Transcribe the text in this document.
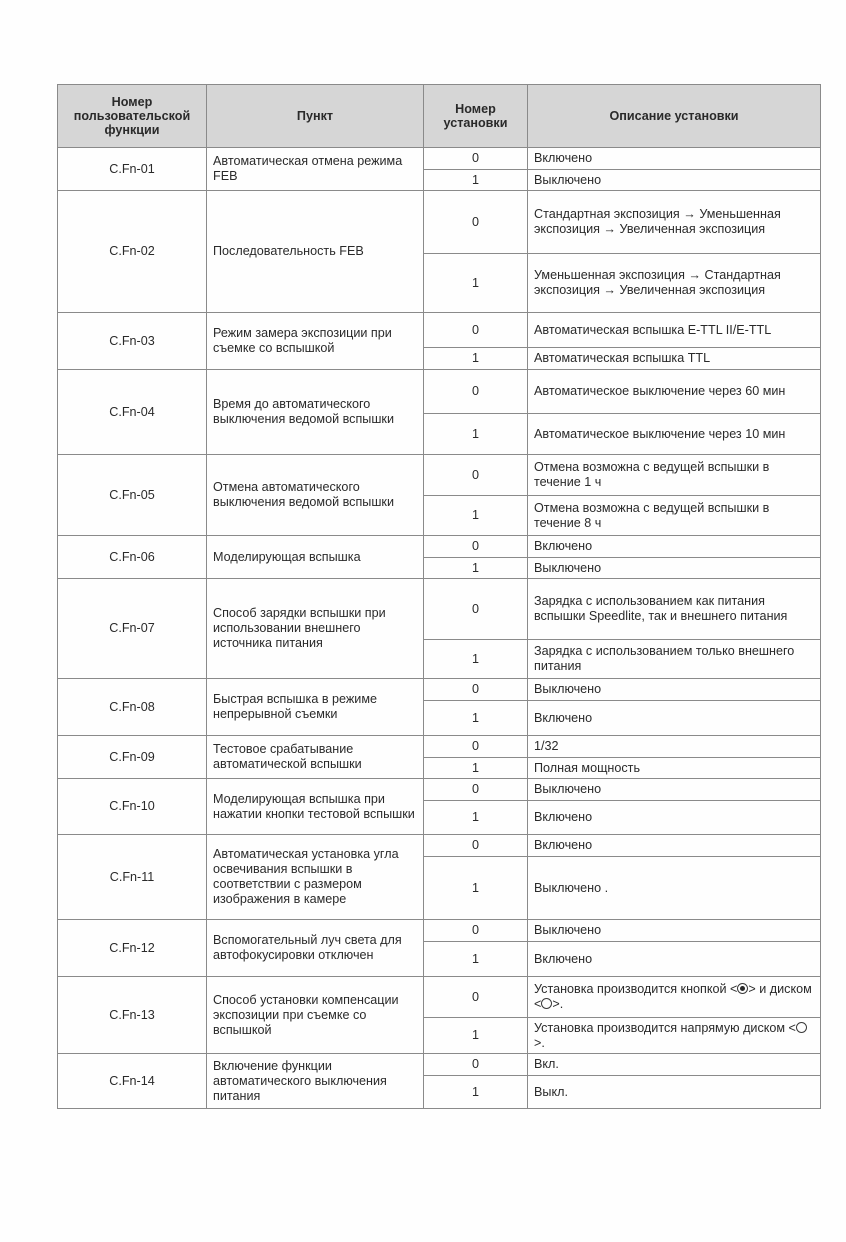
Номер пользовательской функции	Пункт	Номер установки	Описание установки
C.Fn-01	Автоматическая отмена режима FEB	0	Включено
		1	Выключено
C.Fn-02	Последовательность FEB	0	Стандартная экспозиция → Уменьшенная экспозиция → Увеличенная экспозиция
		1	Уменьшенная экспозиция → Стандартная экспозиция → Увеличенная экспозиция
C.Fn-03	Режим замера экспозиции при съемке со вспышкой	0	Автоматическая вспышка E-TTL II/E-TTL
		1	Автоматическая вспышка TTL
C.Fn-04	Время до автоматического выключения ведомой вспышки	0	Автоматическое выключение через 60 мин
		1	Автоматическое выключение через 10 мин
C.Fn-05	Отмена автоматического выключения ведомой вспышки	0	Отмена возможна с ведущей вспышки в течение 1 ч
		1	Отмена возможна с ведущей вспышки в течение 8 ч
C.Fn-06	Моделирующая вспышка	0	Включено
		1	Выключено
C.Fn-07	Способ зарядки вспышки при использовании внешнего источника питания	0	Зарядка с использованием как питания вспышки Speedlite, так и внешнего питания
		1	Зарядка с использованием только внешнего питания
C.Fn-08	Быстрая вспышка в режиме непрерывной съемки	0	Выключено
		1	Включено
C.Fn-09	Тестовое срабатывание автоматической вспышки	0	1/32
		1	Полная мощность
C.Fn-10	Моделирующая вспышка при нажатии кнопки тестовой вспышки	0	Выключено
		1	Включено
C.Fn-11	Автоматическая установка угла освечивания вспышки в соответствии с размером изображения в камере	0	Включено
		1	Выключено .
C.Fn-12	Вспомогательный луч света для автофокусировки отключен	0	Выключено
		1	Включено
C.Fn-13	Способ установки компенсации экспозиции при съемке со вспышкой	0	Установка производится кнопкой < > и диском < >.
		1	Установка производится напрямую диском <>.
C.Fn-14	Включение функции автоматического выключения питания	0	Вкл.
		1	Выкл.
